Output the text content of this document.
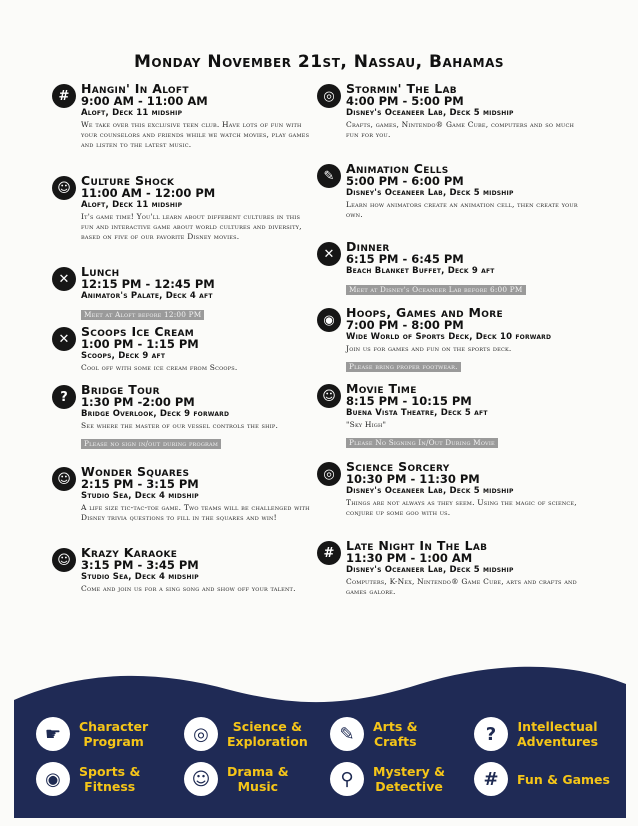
Monday November 21st, Nassau, Bahamas
# Hangin' In Aloft
9:00 AM - 11:00 AM
Aloft, Deck 11 midship
We take over this exclusive teen club. Have lots of fun with your counselors and friends while we watch movies, play games and listen to the latest music.
☺ Culture Shock
11:00 AM - 12:00 PM
Aloft, Deck 11 midship
It's game time! You'll learn about different cultures in this fun and interactive game about world cultures and diversity, based on five of our favorite Disney movies.
✕ Lunch
12:15 PM - 12:45 PM
Animator's Palate, Deck 4 aft
Meet at Aloft before 12:00 PM
✕ Scoops Ice Cream
1:00 PM - 1:15 PM
Scoops, Deck 9 aft
Cool off with some ice cream from Scoops.
?	Bridge Tour
1:30 PM -2:00 PM
Bridge Overlook, Deck 9 forward
See where the master of our vessel controls the ship.
Please no sign in/out during program
☺ Wonder Squares
2:15 PM - 3:15 PM
Studio Sea, Deck 4 midship
A life size tic-tac-toe game. Two teams will be challenged with Disney trivia questions to fill in the squares and win!
☺ Krazy Karaoke
3:15 PM - 3:45 PM
Studio Sea, Deck 4 midship
Come and join us for a sing song and show off your talent.
◎ Stormin' The Lab
4:00 PM - 5:00 PM
Disney's Oceaneer Lab, Deck 5 midship
Crafts, games, Nintendo® Game Cube, computers and so much fun for you.
✎ Animation Cells
5:00 PM - 6:00 PM
Disney's Oceaneer Lab, Deck 5 midship
Learn how animators create an animation cell, then create your own.
✕ Dinner
6:15 PM - 6:45 PM
Beach Blanket Buffet, Deck 9 aft
Meet at Disney's Oceaneer Lab before 6:00 PM
◉ Hoops, Games and More
7:00 PM - 8:00 PM
Wide World of Sports Deck, Deck 10 forward
Join us for games and fun on the sports deck.
Please bring proper footwear.
☺ Movie Time
8:15 PM - 10:15 PM
Buena Vista Theatre, Deck 5 aft
"Sky High"
Please No Signing In/Out During Movie
◎ Science Sorcery
10:30 PM - 11:30 PM
Disney's Oceaneer Lab, Deck 5 midship
Things are not always as they seem. Using the magic of science, conjure up some goo with us.
# Late Night In The Lab
11:30 PM - 1:00 AM
Disney's Oceaneer Lab, Deck 5 midship
Computers, K-Nex, Nintendo® Game Cube, arts and crafts and games galore.
☛	Character
Program	◎	Science &
Exploration	✎	Arts &
Crafts	?	Intellectual
Adventures
◉	Sports &
Fitness	☺	Drama &
Music	⚲	Mystery &
Detective	#	Fun & Games
